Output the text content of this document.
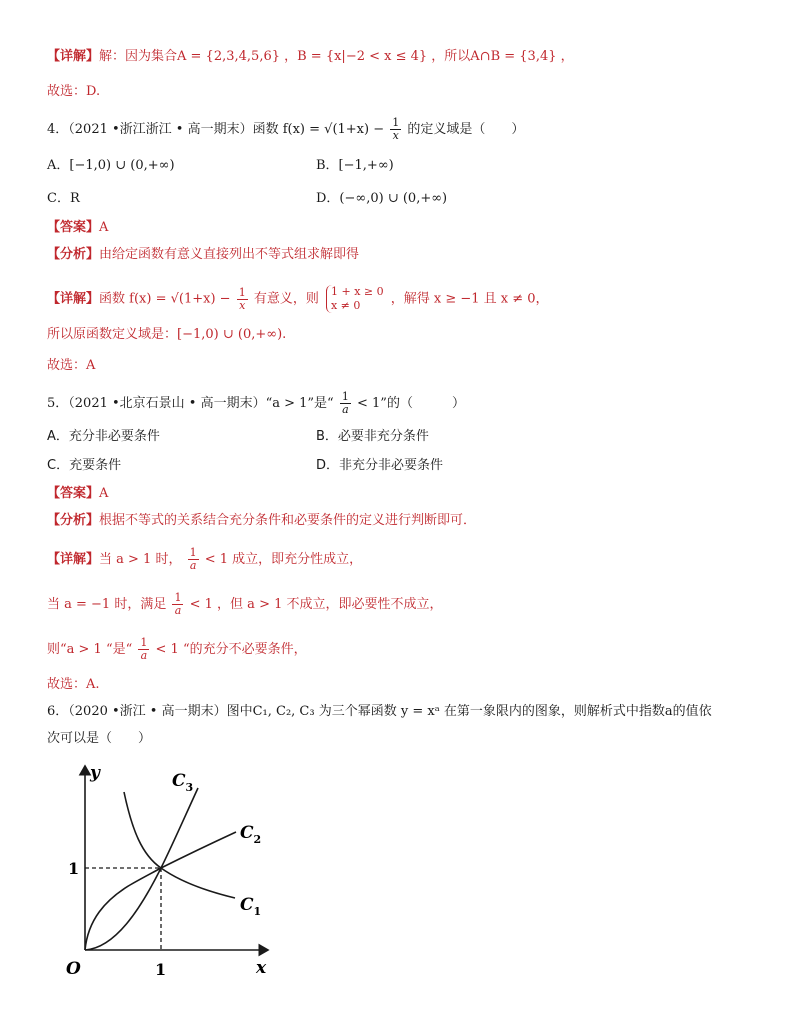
【详解】解：因为集合A = {2,3,4,5,6} ，B = {x|−2 < x ≤ 4} ，所以A∩B = {3,4} ，
故选：D.
4．（2021 •浙江浙江 • 高一期末）函数 $f(x) = √(1+x) - \frac{1}{x}$ 的定义域是（　　）
A．[−1,0) ∪ (0,+∞)	B．[−1,+∞)
C．R	D．(−∞,0) ∪ (0,+∞)
【答案】A
【分析】由给定函数有意义直接列出不等式组求解即得
【详解】函数 $f(x) = √(1+x) - \frac{1}{x}$ 有意义，则 1 + x ≥ 0
x ≠ 0	，解得 x ≥ −1 且 x ≠ 0，
所以原函数定义域是：[−1,0) ∪ (0,+∞).
故选：A
5．（2021 •北京石景山 • 高一期末）“a > 1”是“ $\frac{1}{a} < 1$”的（　　　）
A．充分非必要条件	B．必要非充分条件
C．充要条件	D．非充分非必要条件
【答案】A
【分析】根据不等式的关系结合充分条件和必要条件的定义进行判断即可．
【详解】当 a > 1 时， $\frac{1}{a} < 1$ 成立，即充分性成立，
当 a = −1 时，满足 $\frac{1}{a} < 1$ ，但 a > 1 不成立，即必要性不成立，
则“a > 1 “是“ $\frac{1}{a} < 1$ “的充分不必要条件，
故选：A.
6．（2020 •浙江 • 高一期末）图中C₁, C₂, C₃ 为三个幂函数 y = xᵃ 在第一象限内的图象，则解析式中指数a的值依
次可以是（　　）
y
x
O	1
1
$C_3$
$C_2$
$C_1$
